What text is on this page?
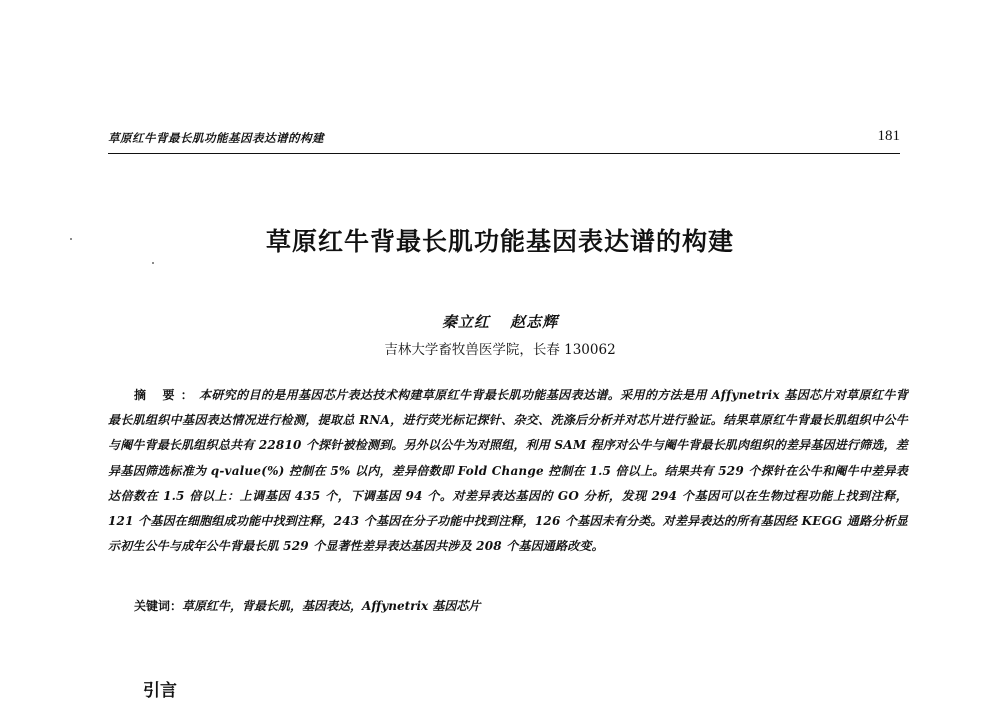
草原红牛背最长肌功能基因表达谱的构建	181
草原红牛背最长肌功能基因表达谱的构建
秦立红 赵志辉
吉林大学畜牧兽医学院，长春 130062
摘 要：本研究的目的是用基因芯片表达技术构建草原红牛背最长肌功能基因表达谱。采用的方法是用 Affynetrix 基因芯片对草原红牛背最长肌组织中基因表达情况进行检测，提取总 RNA，进行荧光标记探针、杂交、洗涤后分析并对芯片进行验证。结果草原红牛背最长肌组织中公牛与阉牛背最长肌组织总共有 22810 个探针被检测到。另外以公牛为对照组，利用 SAM 程序对公牛与阉牛背最长肌肉组织的差异基因进行筛选，差异基因筛选标准为 q-value(%) 控制在 5% 以内，差异倍数即 Fold Change 控制在 1.5 倍以上。结果共有 529 个探针在公牛和阉牛中差异表达倍数在 1.5 倍以上：上调基因 435 个，下调基因 94 个。对差异表达基因的 GO 分析，发现 294 个基因可以在生物过程功能上找到注释，121 个基因在细胞组成功能中找到注释，243 个基因在分子功能中找到注释，126 个基因未有分类。对差异表达的所有基因经 KEGG 通路分析显示初生公牛与成年公牛背最长肌 529 个显著性差异表达基因共涉及 208 个基因通路改变。
关键词：草原红牛，背最长肌，基因表达，Affynetrix 基因芯片
引言
